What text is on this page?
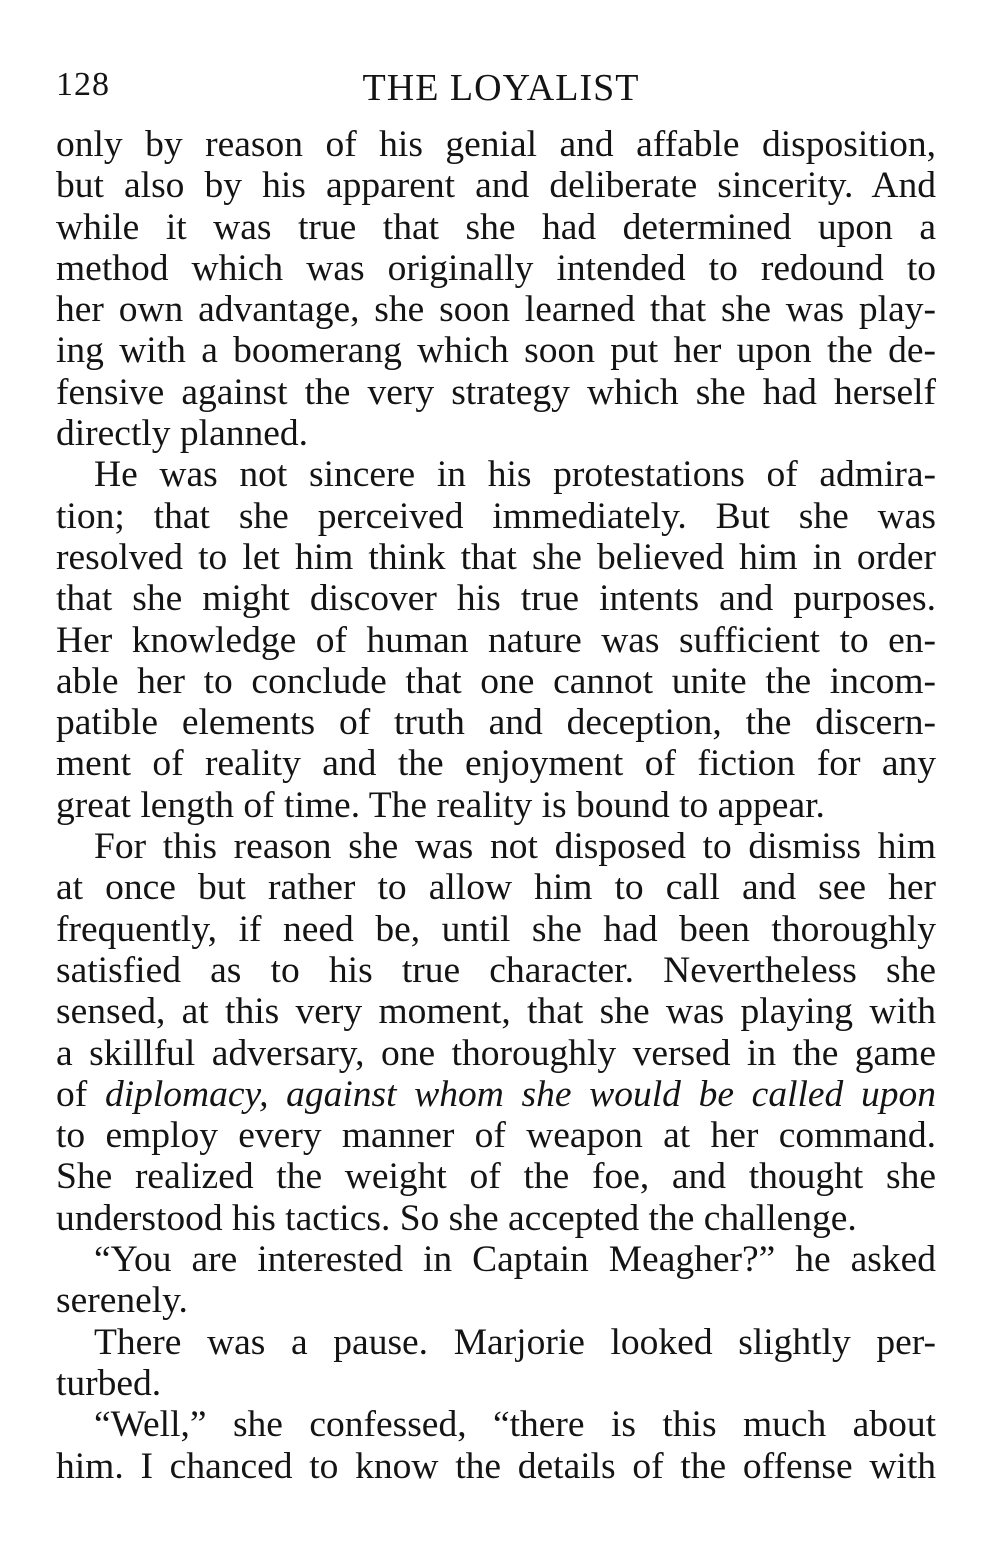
128	THE LOYALIST
only by reason of his genial and affable disposition,
but also by his apparent and deliberate sincerity. And
while it was true that she had determined upon a
method which was originally intended to redound to
her own advantage, she soon learned that she was play-
ing with a boomerang which soon put her upon the de-
fensive against the very strategy which she had herself
directly planned.
He was not sincere in his protestations of admira-
tion; that she perceived immediately. But she was
resolved to let him think that she believed him in order
that she might discover his true intents and purposes.
Her knowledge of human nature was sufficient to en-
able her to conclude that one cannot unite the incom-
patible elements of truth and deception, the discern-
ment of reality and the enjoyment of fiction for any
great length of time. The reality is bound to appear.
For this reason she was not disposed to dismiss him
at once but rather to allow him to call and see her
frequently, if need be, until she had been thoroughly
satisfied as to his true character. Nevertheless she
sensed, at this very moment, that she was playing with
a skillful adversary, one thoroughly versed in the game
of diplomacy, against whom she would be called upon
to employ every manner of weapon at her command.
She realized the weight of the foe, and thought she
understood his tactics. So she accepted the challenge.
“You are interested in Captain Meagher?” he asked
serenely.
There was a pause. Marjorie looked slightly per-
turbed.
“Well,” she confessed, “there is this much about
him. I chanced to know the details of the offense with
